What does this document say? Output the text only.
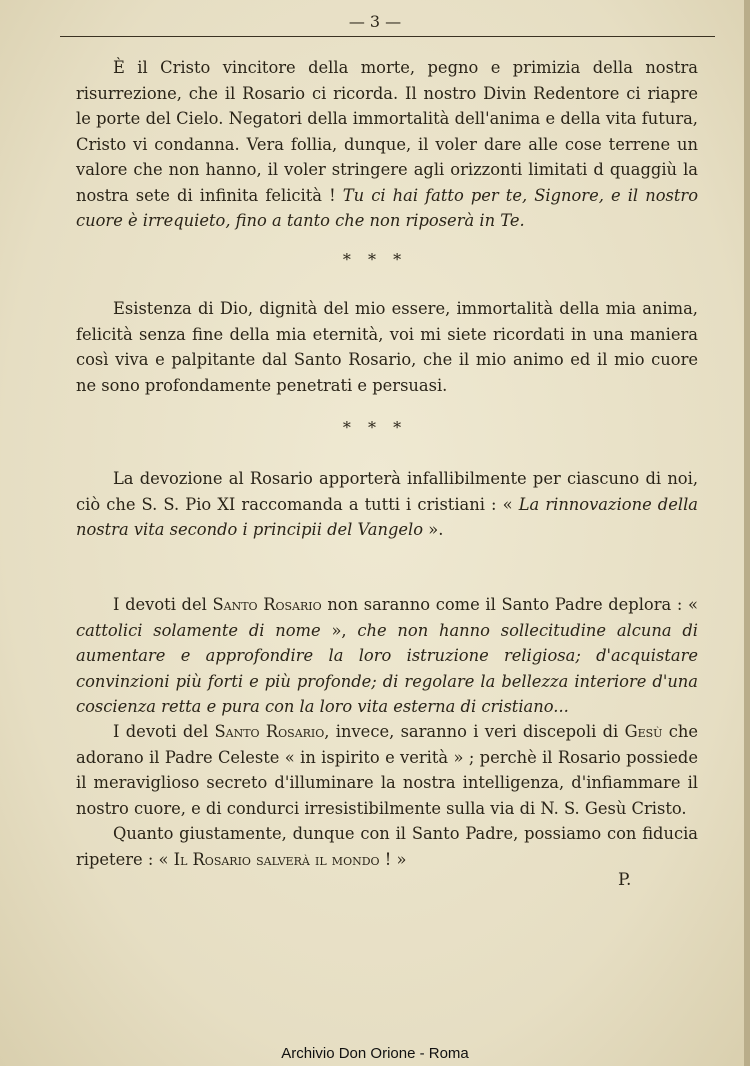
— 3 —

È il Cristo vincitore della morte, pegno e primizia della nostra risurrezione, che il Rosario ci ricorda. Il nostro Divin Redentore ci riapre le porte del Cielo. Negatori della immortalità dell'anima e della vita futura, Cristo vi condanna. Vera follia, dunque, il voler dare alle cose terrene un valore che non hanno, il voler stringere agli orizzonti limitati d quaggiù la nostra sete di infinita felicità ! Tu ci hai fatto per te, Signore, e il nostro cuore è irrequieto, fino a tanto che non riposerà in Te.

* * *

Esistenza di Dio, dignità del mio essere, immortalità della mia anima, felicità senza fine della mia eternità, voi mi siete ricordati in una maniera così viva e palpitante dal Santo Rosario, che il mio animo ed il mio cuore ne sono profondamente penetrati e persuasi.

* * *

La devozione al Rosario apporterà infallibilmente per ciascuno di noi, ciò che S. S. Pio XI raccomanda a tutti i cristiani : « La rinnovazione della nostra vita secondo i principii del Vangelo ».

I devoti del Santo Rosario non saranno come il Santo Padre deplora : « cattolici solamente di nome », che non hanno sollecitudine alcuna di aumentare e approfondire la loro istruzione religiosa; d'acquistare convinzioni più forti e più profonde; di regolare la bellezza interiore d'una coscienza retta e pura con la loro vita esterna di cristiano...

I devoti del Santo Rosario, invece, saranno i veri discepoli di Gesù che adorano il Padre Celeste « in ispirito e verità » ; perchè il Rosario possiede il meraviglioso secreto d'illuminare la nostra intelligenza, d'infiammare il nostro cuore, e di condurci irresistibilmente sulla via di N. S. Gesù Cristo.

Quanto giustamente, dunque con il Santo Padre, possiamo con fiducia ripetere : « Il Rosario salverà il mondo ! »

P.
Archivio Don Orione - Roma
